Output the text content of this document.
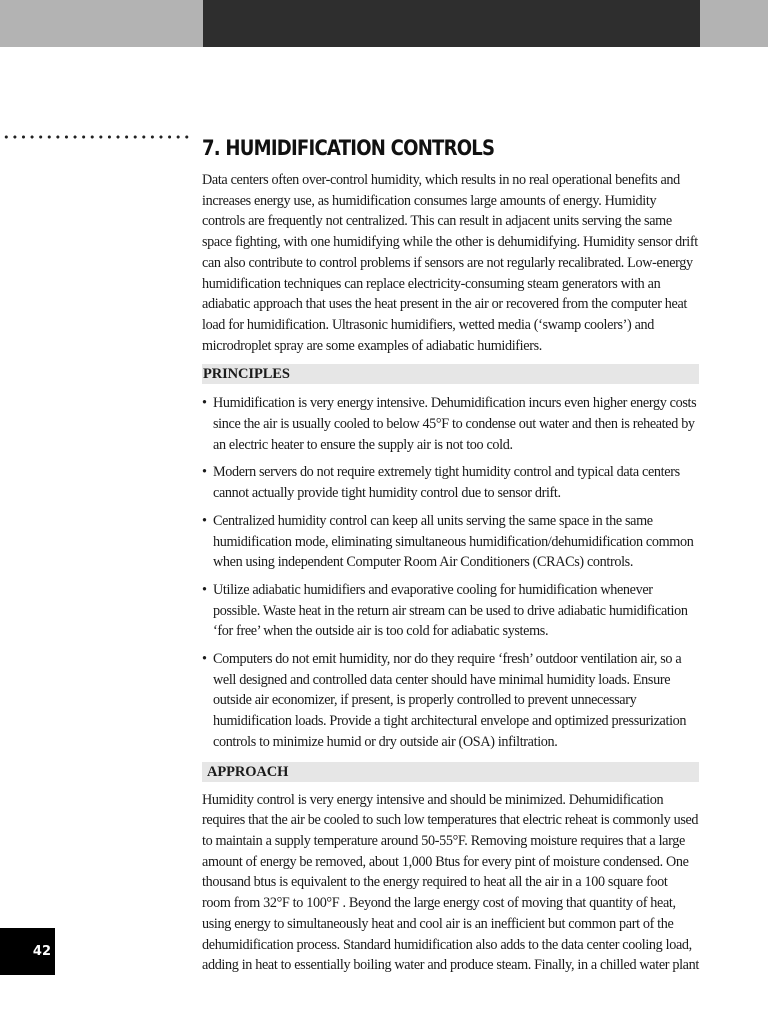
7. HUMIDIFICATION CONTROLS

Data centers often over-control humidity, which results in no real operational benefits and increases energy use, as humidification consumes large amounts of energy. Humidity controls are frequently not centralized. This can result in adjacent units serving the same space fighting, with one humidifying while the other is dehumidifying. Humidity sensor drift can also contribute to control problems if sensors are not regularly recalibrated. Low-energy humidification techniques can replace electricity-consuming steam generators with an adiabatic approach that uses the heat present in the air or recovered from the computer heat load for humidification. Ultrasonic humidifiers, wetted media (‘swamp coolers’) and microdroplet spray are some examples of adiabatic humidifiers.

PRINCIPLES
• Humidification is very energy intensive. Dehumidification incurs even higher energy costs since the air is usually cooled to below 45°F to condense out water and then is reheated by an electric heater to ensure the supply air is not too cold.
• Modern servers do not require extremely tight humidity control and typical data centers cannot actually provide tight humidity control due to sensor drift.
• Centralized humidity control can keep all units serving the same space in the same humidification mode, eliminating simultaneous humidification/dehumidification common when using independent Computer Room Air Conditioners (CRACs) controls.
• Utilize adiabatic humidifiers and evaporative cooling for humidification whenever possible. Waste heat in the return air stream can be used to drive adiabatic humidification ‘for free’ when the outside air is too cold for adiabatic systems.
• Computers do not emit humidity, nor do they require ‘fresh’ outdoor ventilation air, so a well designed and controlled data center should have minimal humidity loads. Ensure outside air economizer, if present, is properly controlled to prevent unnecessary humidification loads. Provide a tight architectural envelope and optimized pressurization controls to minimize humid or dry outside air (OSA) infiltration.
APPROACH

Humidity control is very energy intensive and should be minimized. Dehumidification requires that the air be cooled to such low temperatures that electric reheat is commonly used to maintain a supply temperature around 50-55°F. Removing moisture requires that a large amount of energy be removed, about 1,000 Btus for every pint of moisture condensed. One thousand btus is equivalent to the energy required to heat all the air in a 100 square foot room from 32°F to 100°F . Beyond the large energy cost of moving that quantity of heat, using energy to simultaneously heat and cool air is an inefficient but common part of the dehumidification process. Standard humidification also adds to the data center cooling load, adding in heat to essentially boiling water and produce steam. Finally, in a chilled water plant

42
